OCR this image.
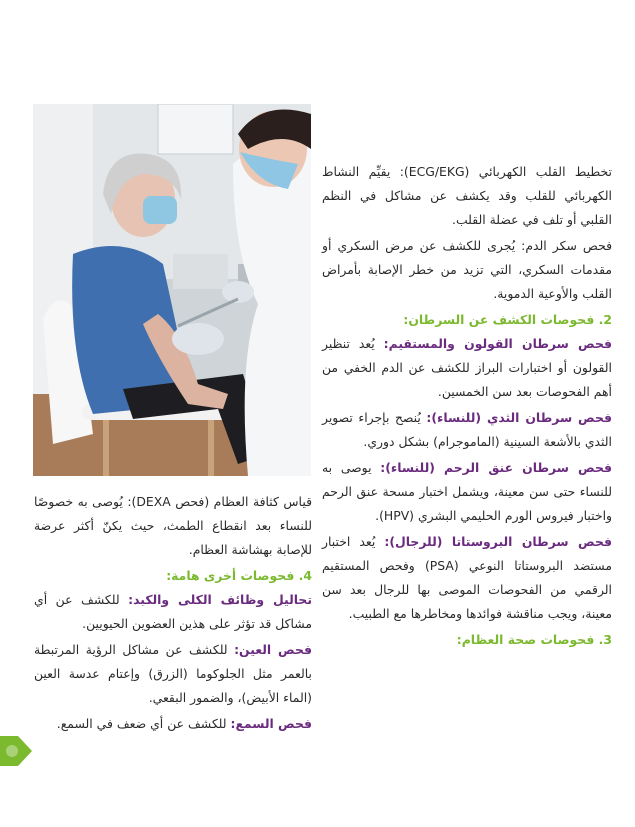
تخطيط القلب الكهربائي (ECG/EKG): يقيِّم النشاط الكهربائي للقلب وقد يكشف عن مشاكل في النظم القلبي أو تلف في عضلة القلب.

فحص سكر الدم: يُجرى للكشف عن مرض السكري أو مقدمات السكري، التي تزيد من خطر الإصابة بأمراض القلب والأوعية الدموية.

2. فحوصات الكشف عن السرطان:

فحص سرطان القولون والمستقيم: يُعد تنظير القولون أو اختبارات البراز للكشف عن الدم الخفي من أهم الفحوصات بعد سن الخمسين.

فحص سرطان الثدي (للنساء): يُنصح بإجراء تصوير الثدي بالأشعة السينية (الماموجرام) بشكل دوري.

فحص سرطان عنق الرحم (للنساء): يوصى به للنساء حتى سن معينة، ويشمل اختبار مسحة عنق الرحم واختبار فيروس الورم الحليمي البشري (HPV).

فحص سرطان البروستاتا (للرجال): يُعد اختبار مستضد البروستاتا النوعي (PSA) وفحص المستقيم الرقمي من الفحوصات الموصى بها للرجال بعد سن معينة، ويجب مناقشة فوائدها ومخاطرها مع الطبيب.

3. فحوصات صحة العظام:

قياس كثافة العظام (فحص DEXA): يُوصى به خصوصًا للنساء بعد انقطاع الطمث، حيث يكنّ أكثر عرضة للإصابة بهشاشة العظام.

4. فحوصات أخرى هامة:

تحاليل وظائف الكلى والكبد: للكشف عن أي مشاكل قد تؤثر على هذين العضوين الحيويين.

فحص العين: للكشف عن مشاكل الرؤية المرتبطة بالعمر مثل الجلوكوما (الزرق) وإعتام عدسة العين (الماء الأبيض)، والضمور البقعي.

فحص السمع: للكشف عن أي ضعف في السمع.
